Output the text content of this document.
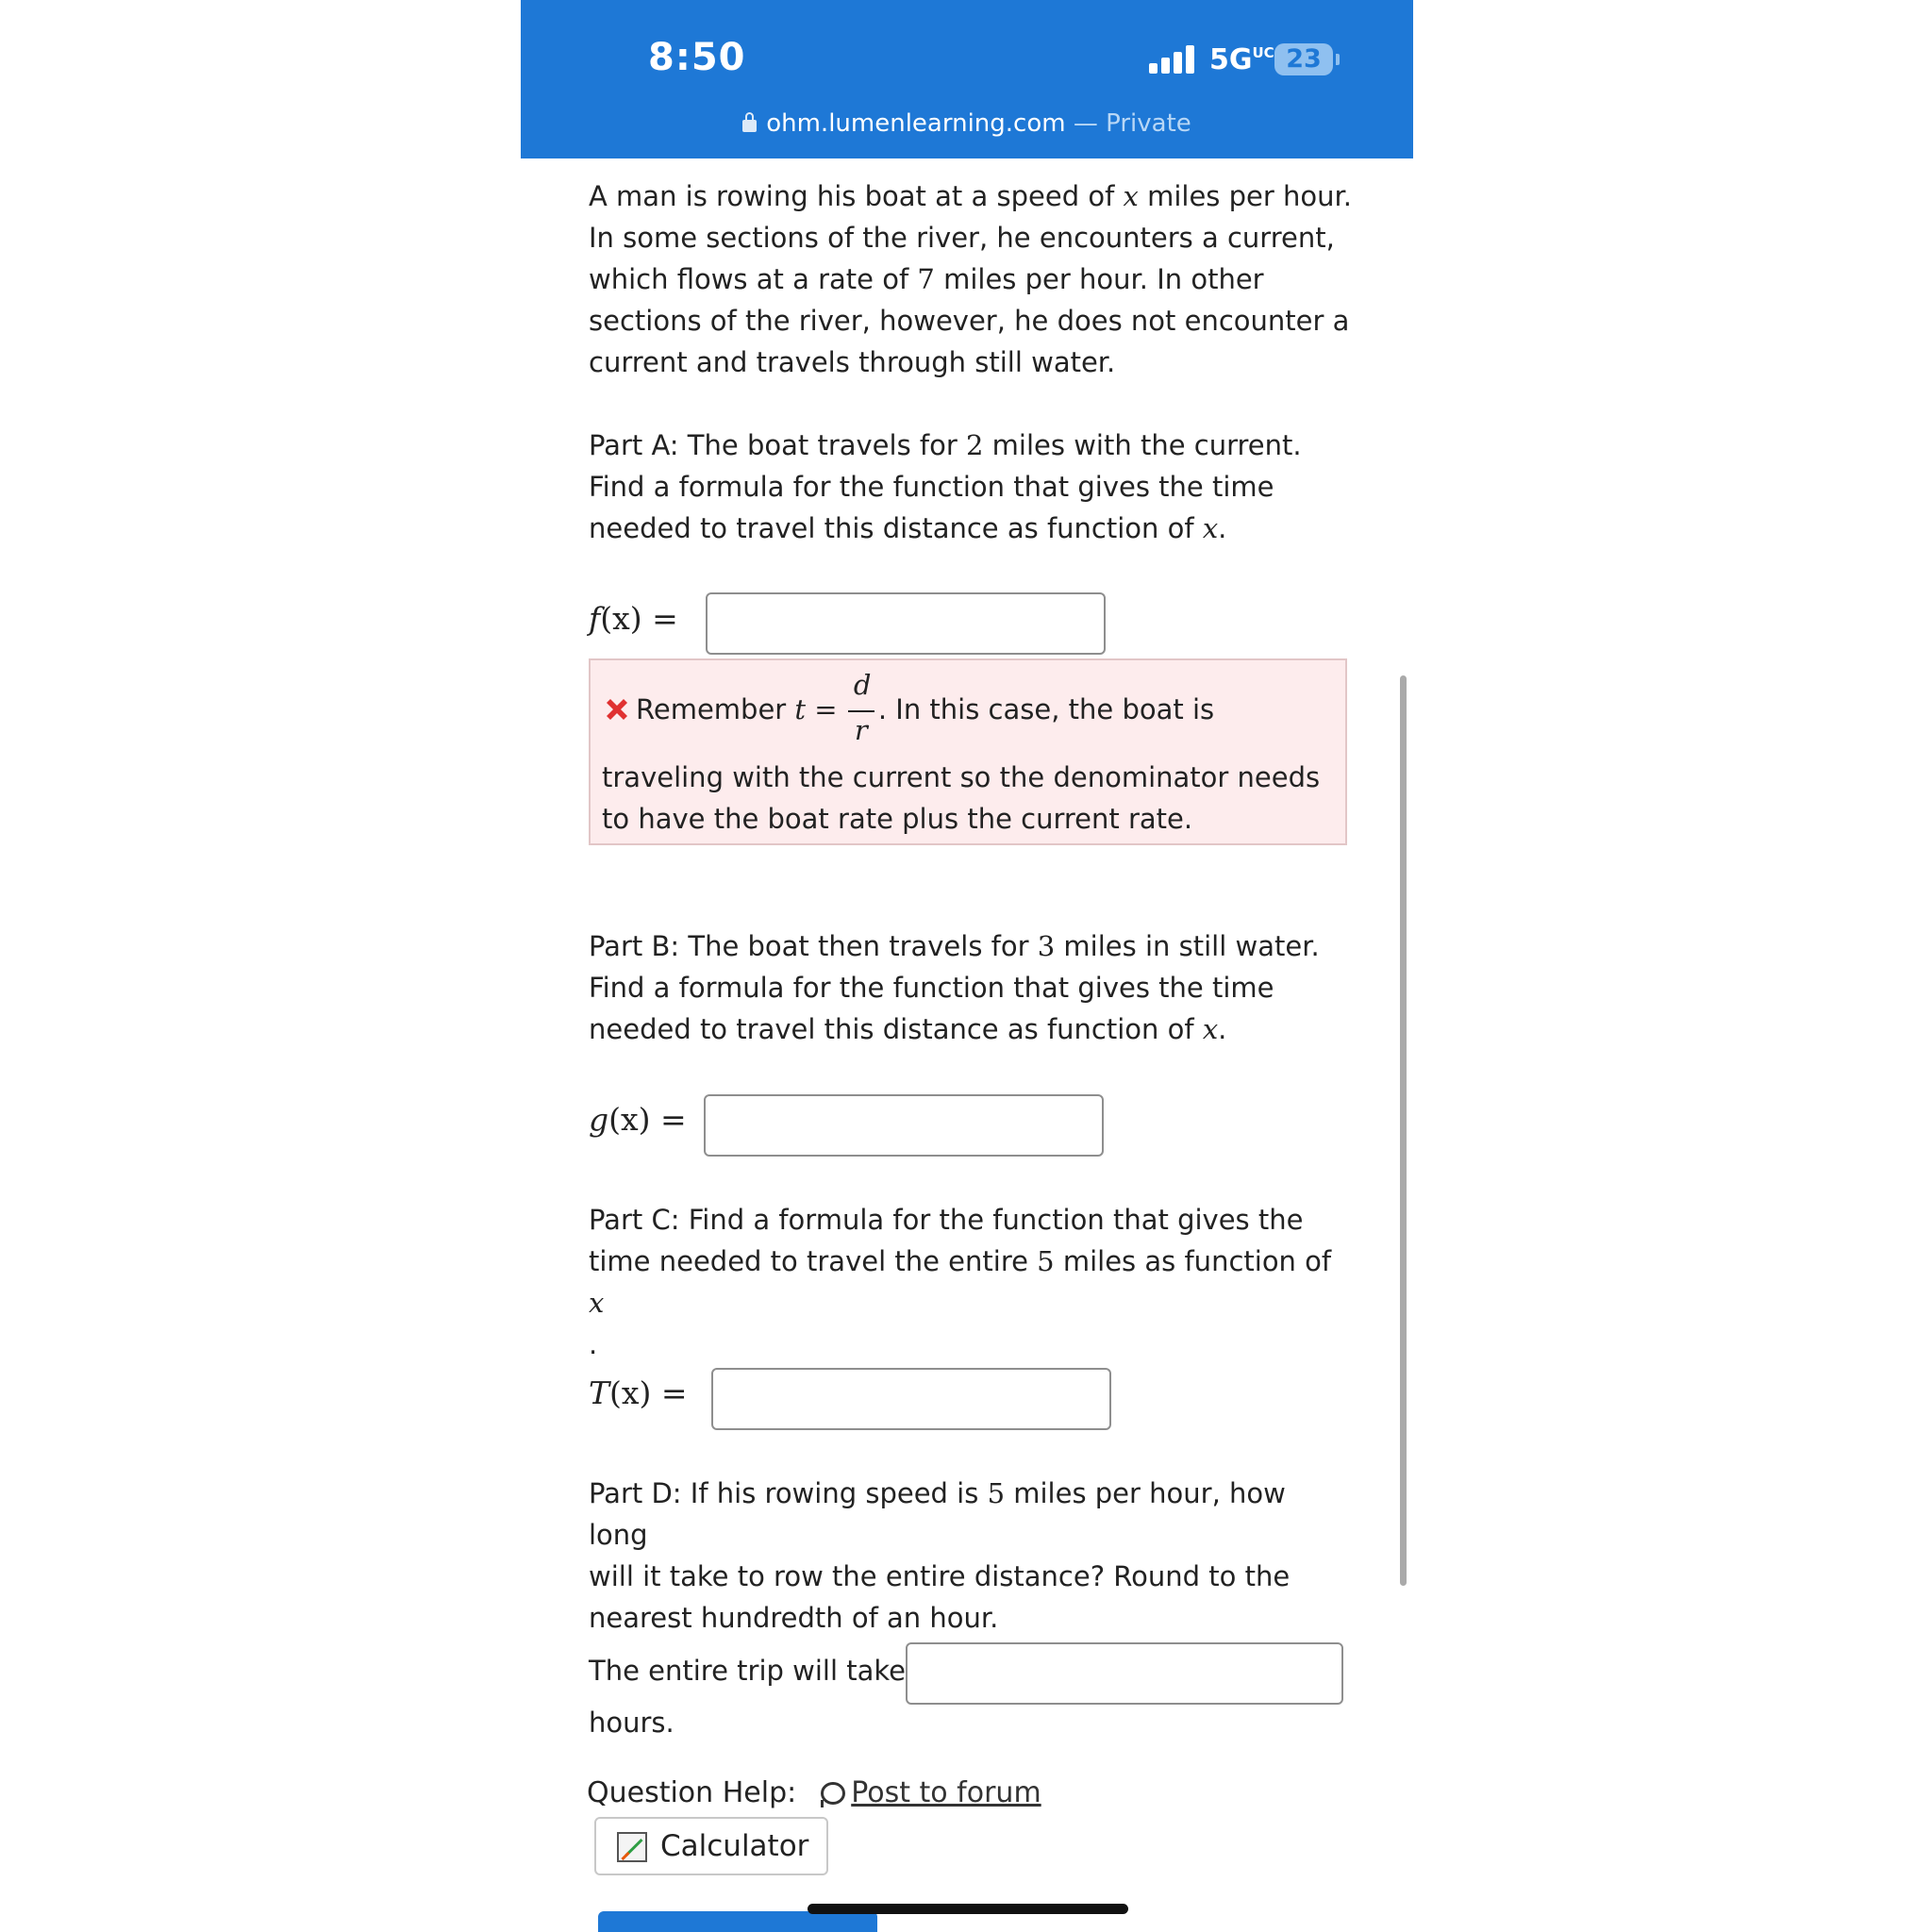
8:50	$5G^{UC}$ 23
ohm.lumenlearning.com — Private
A man is rowing his boat at a speed of x miles per hour.
In some sections of the river, he encounters a current,
which flows at a rate of 7 miles per hour. In other
sections of the river, however, he does not encounter a
current and travels through still water.
Part A: The boat travels for 2 miles with the current.
Find a formula for the function that gives the time
needed to travel this distance as function of x.
f(x) =
Remember $t = \frac{d}{r}$ . In this case, the boat is
traveling with the current so the denominator needs
to have the boat rate plus the current rate.
Part B: The boat then travels for 3 miles in still water.
Find a formula for the function that gives the time
needed to travel this distance as function of x.
g(x) =
Part C: Find a formula for the function that gives the
time needed to travel the entire 5 miles as function of x
.
T(x) =
Part D: If his rowing speed is 5 miles per hour, how long
will it take to row the entire distance? Round to the
nearest hundredth of an hour.
The entire trip will take
hours.
Question Help: Post to forum
Calculator
